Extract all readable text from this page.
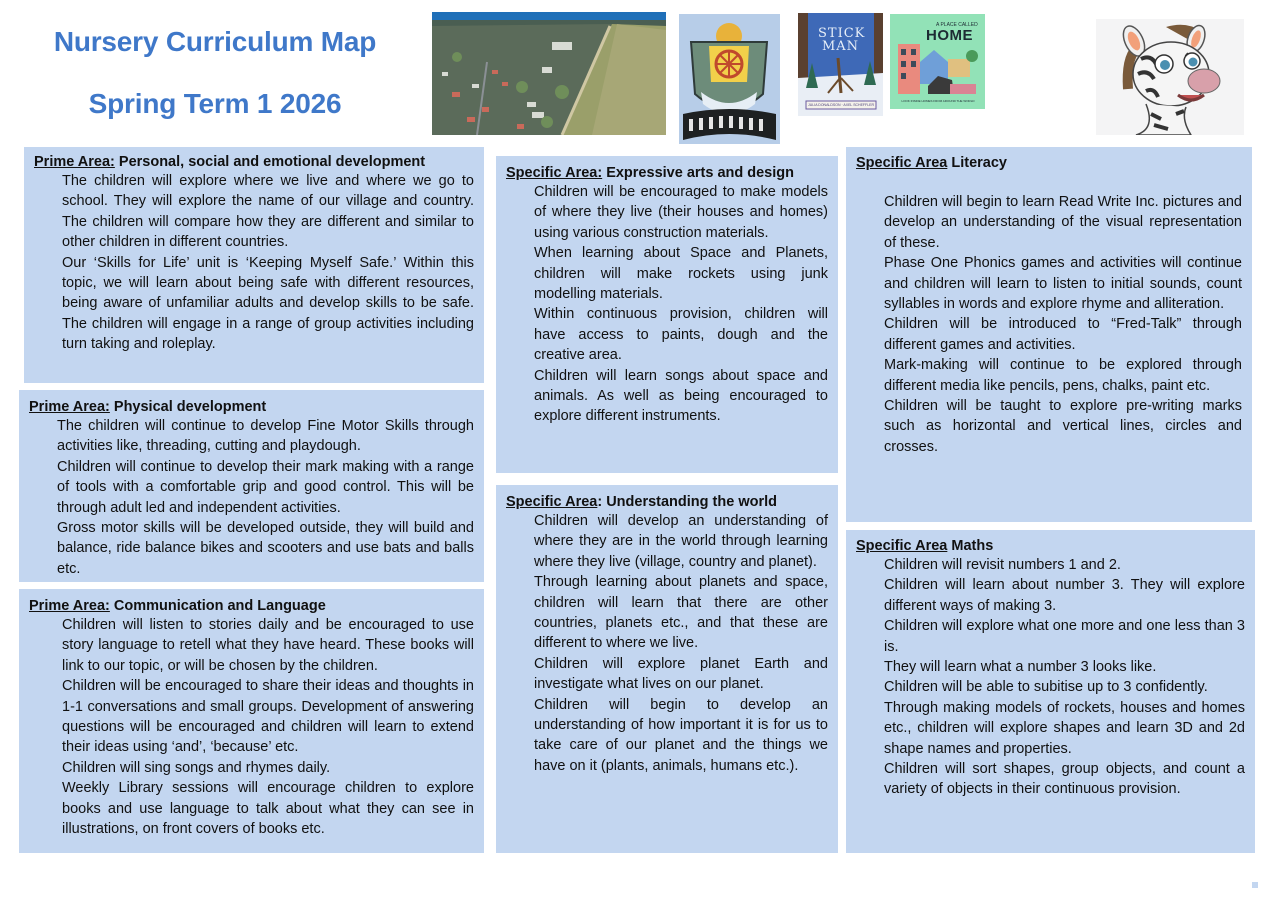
Nursery Curriculum Map
Spring Term 1 2026
STICK MAN
JULIA DONALDSON · AXEL SCHEFFLER
A PLACE CALLED
HOME
LOOK INSIDE HOMES FROM AROUND THE WORLD
Prime Area: Personal, social and emotional development

The children will explore where we live and where we go to school. They will explore the name of our village and country. The children will compare how they are different and similar to other children in different countries.

Our ‘Skills for Life’ unit is ‘Keeping Myself Safe.’ Within this topic, we will learn about being safe with different resources, being aware of unfamiliar adults and develop skills to be safe. The children will engage in a range of group activities including turn taking and roleplay.

Prime Area: Physical development

The children will continue to develop Fine Motor Skills through activities like, threading, cutting and playdough.

Children will continue to develop their mark making with a range of tools with a comfortable grip and good control. This will be through adult led and independent activities.

Gross motor skills will be developed outside, they will build and balance, ride balance bikes and scooters and use bats and balls etc.

Prime Area: Communication and Language

Children will listen to stories daily and be encouraged to use story language to retell what they have heard. These books will link to our topic, or will be chosen by the children.

Children will be encouraged to share their ideas and thoughts in 1-1 conversations and small groups. Development of answering questions will be encouraged and children will learn to extend their ideas using ‘and’, ‘because’ etc.

Children will sing songs and rhymes daily.

Weekly Library sessions will encourage children to explore books and use language to talk about what they can see in illustrations, on front covers of books etc.

Specific Area: Expressive arts and design

Children will be encouraged to make models of where they live (their houses and homes) using various construction materials.

When learning about Space and Planets, children will make rockets using junk modelling materials.

Within continuous provision, children will have access to paints, dough and the creative area.

Children will learn songs about space and animals. As well as being encouraged to explore different instruments.

Specific Area: Understanding the world

Children will develop an understanding of where they are in the world through learning where they live (village, country and planet).

Through learning about planets and space, children will learn that there are other countries, planets etc., and that these are different to where we live.

Children will explore planet Earth and investigate what lives on our planet.

Children will begin to develop an understanding of how important it is for us to take care of our planet and the things we have on it (plants, animals, humans etc.).

Specific Area Literacy

Children will begin to learn Read Write Inc. pictures and develop an understanding of the visual representation of these.

Phase One Phonics games and activities will continue and children will learn to listen to initial sounds, count syllables in words and explore rhyme and alliteration.

Children will be introduced to “Fred-Talk” through different games and activities.

Mark-making will continue to be explored through different media like pencils, pens, chalks, paint etc.

Children will be taught to explore pre-writing marks such as horizontal and vertical lines, circles and crosses.

Specific Area Maths

Children will revisit numbers 1 and 2.

Children will learn about number 3. They will explore different ways of making 3.

Children will explore what one more and one less than 3 is.

They will learn what a number 3 looks like.

Children will be able to subitise up to 3 confidently.

Through making models of rockets, houses and homes etc., children will explore shapes and learn 3D and 2d shape names and properties.

Children will sort shapes, group objects, and count a variety of objects in their continuous provision.
